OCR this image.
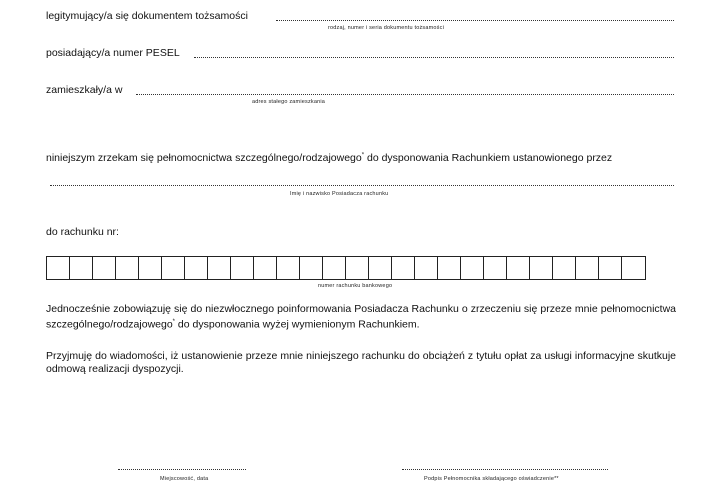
legitymujący/a się dokumentem tożsamości
rodzaj, numer i seria dokumentu tożsamości
posiadający/a numer PESEL
zamieszkały/a w
adres stałego zamieszkania
niniejszym zrzekam się pełnomocnictwa szczególnego/rodzajowego* do dysponowania Rachunkiem ustanowionego przez
Imię i nazwisko Posiadacza rachunku
do rachunku nr:
numer rachunku bankowego
Jednocześnie zobowiązuję się do niezwłocznego poinformowania Posiadacza Rachunku o zrzeczeniu się przeze mnie pełnomocnictwa szczególnego/rodzajowego* do dysponowania wyżej wymienionym Rachunkiem.
Przyjmuję do wiadomości, iż ustanowienie przeze mnie niniejszego rachunku do obciążeń z tytułu opłat za usługi informacyjne skutkuje odmową realizacji dyspozycji.
Miejscowość, data	Podpis Pełnomocnika składającego oświadczenie**
